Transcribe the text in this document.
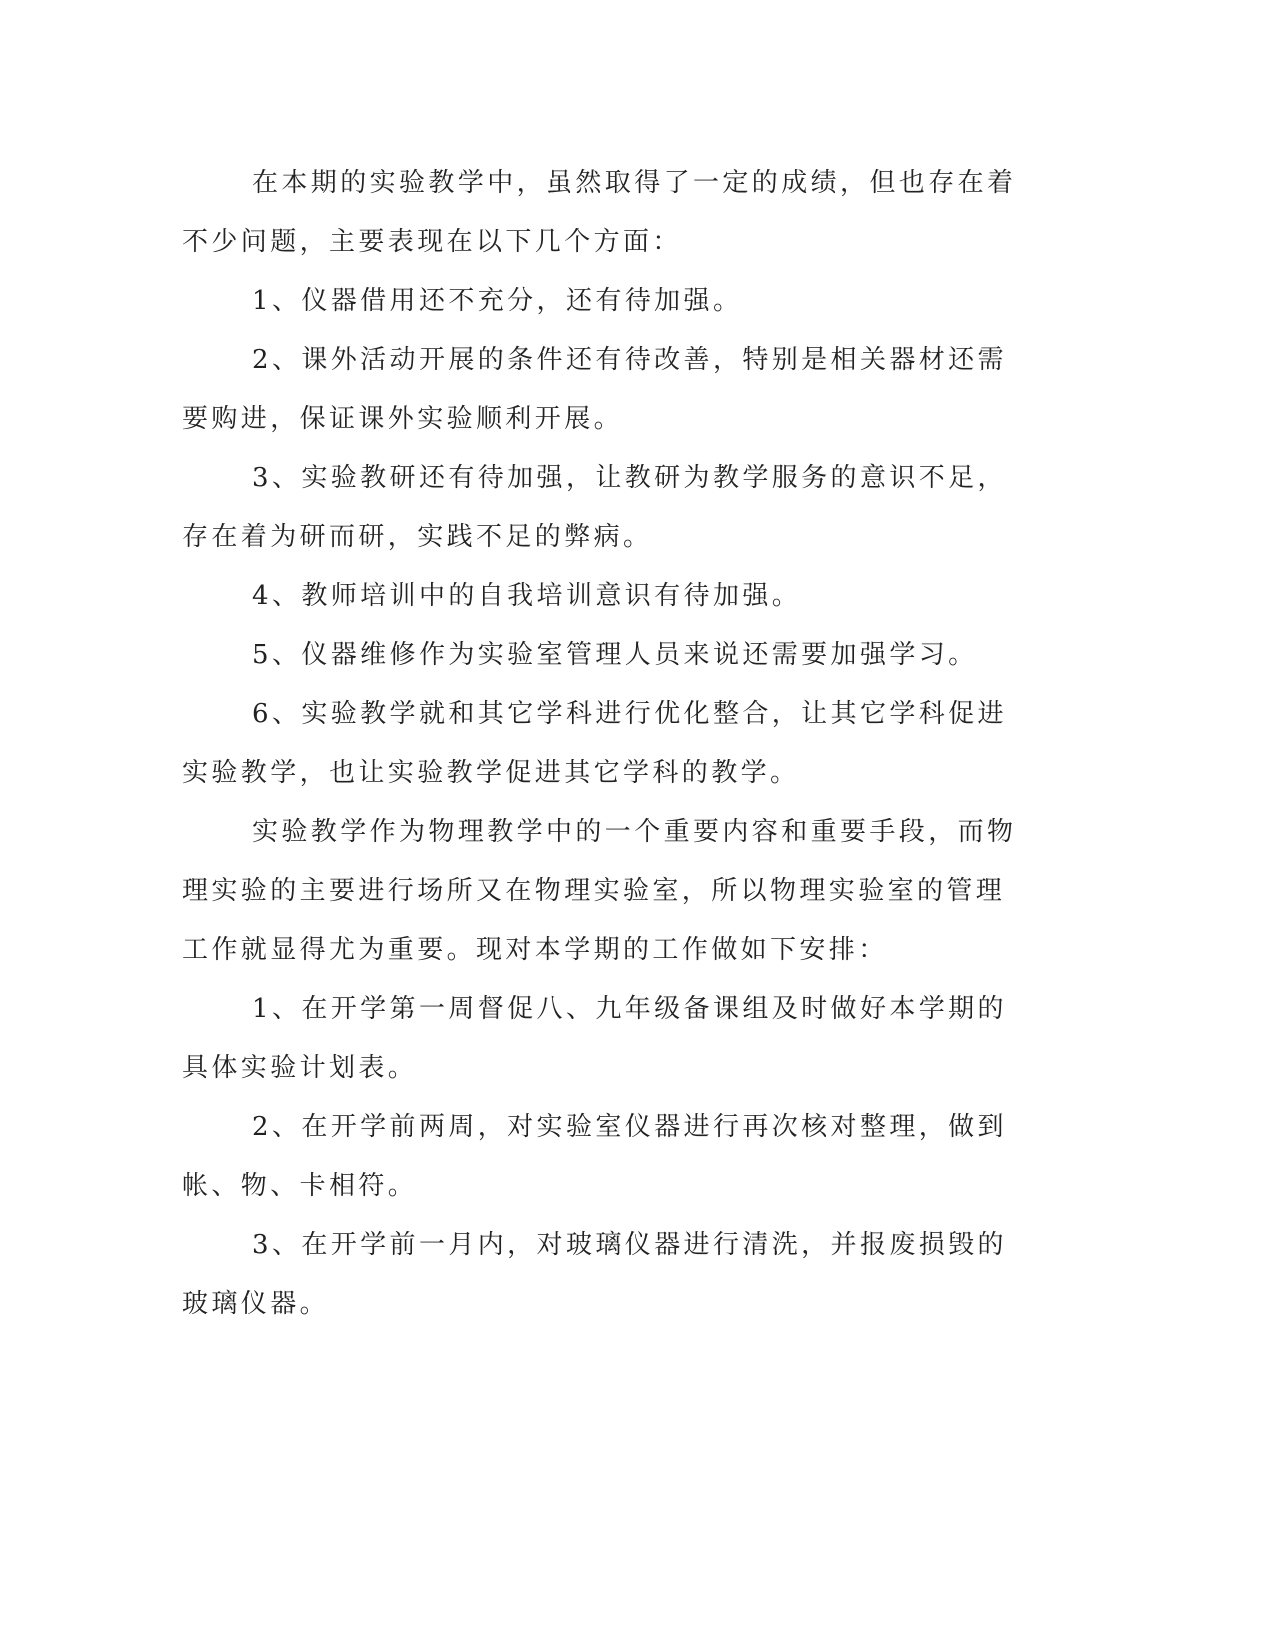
在本期的实验教学中，虽然取得了一定的成绩，但也存在着不少问题，主要表现在以下几个方面：

1、仪器借用还不充分，还有待加强。

2、课外活动开展的条件还有待改善，特别是相关器材还需要购进，保证课外实验顺利开展。

3、实验教研还有待加强，让教研为教学服务的意识不足，存在着为研而研，实践不足的弊病。

4、教师培训中的自我培训意识有待加强。

5、仪器维修作为实验室管理人员来说还需要加强学习。

6、实验教学就和其它学科进行优化整合，让其它学科促进实验教学，也让实验教学促进其它学科的教学。

实验教学作为物理教学中的一个重要内容和重要手段，而物理实验的主要进行场所又在物理实验室，所以物理实验室的管理工作就显得尤为重要。现对本学期的工作做如下安排：

1、在开学第一周督促八、九年级备课组及时做好本学期的具体实验计划表。

2、在开学前两周，对实验室仪器进行再次核对整理，做到帐、物、卡相符。

3、在开学前一月内，对玻璃仪器进行清洗，并报废损毁的玻璃仪器。
